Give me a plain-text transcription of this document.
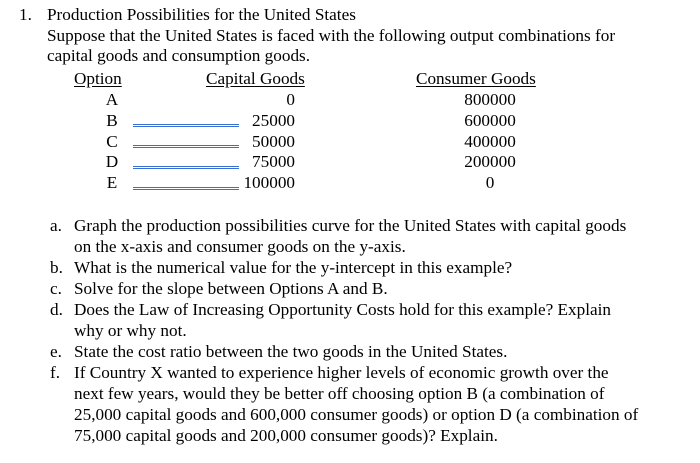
1. Production Possibilities for the United States
Suppose that the United States is faced with the following output combinations for
capital goods and consumption goods.
Option	Capital Goods	Consumer Goods
A	0	800000
B	25000	600000
C	50000	400000
D	75000	200000
E	100000	0
a. Graph the production possibilities curve for the United States with capital goods
on the x-axis and consumer goods on the y-axis.
b. What is the numerical value for the y-intercept in this example?
c. Solve for the slope between Options A and B.
d. Does the Law of Increasing Opportunity Costs hold for this example? Explain
why or why not.
e. State the cost ratio between the two goods in the United States.
f. If Country X wanted to experience higher levels of economic growth over the
next few years, would they be better off choosing option B (a combination of
25,000 capital goods and 600,000 consumer goods) or option D (a combination of
75,000 capital goods and 200,000 consumer goods)? Explain.
